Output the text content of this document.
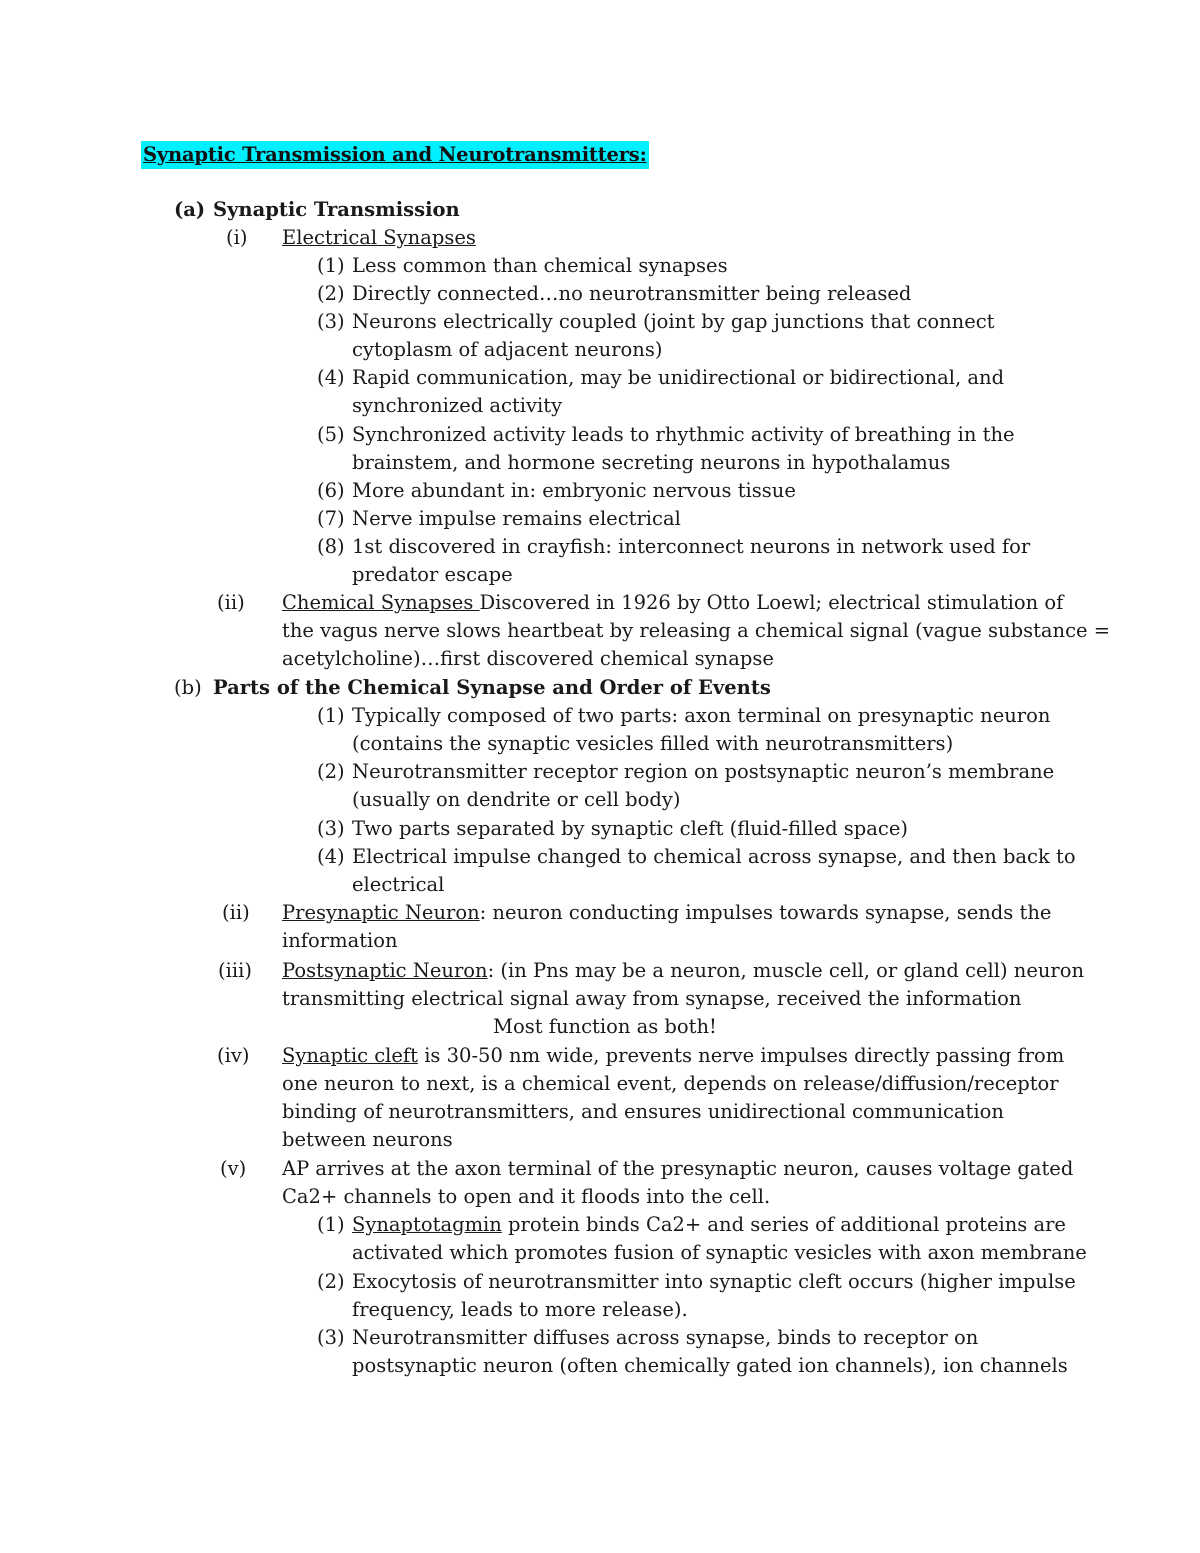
Synaptic Transmission and Neurotransmitters:
(a) Synaptic Transmission
(i) Electrical Synapses
(1) Less common than chemical synapses
(2) Directly connected…no neurotransmitter being released
(3) Neurons electrically coupled (joint by gap junctions that connect
cytoplasm of adjacent neurons)
(4) Rapid communication, may be unidirectional or bidirectional, and
synchronized activity
(5) Synchronized activity leads to rhythmic activity of breathing in the
brainstem, and hormone secreting neurons in hypothalamus
(6) More abundant in: embryonic nervous tissue
(7) Nerve impulse remains electrical
(8) 1st discovered in crayfish: interconnect neurons in network used for
predator escape
(ii) Chemical Synapses Discovered in 1926 by Otto Loewl; electrical stimulation of
the vagus nerve slows heartbeat by releasing a chemical signal (vague substance =
acetylcholine)…first discovered chemical synapse
(b) Parts of the Chemical Synapse and Order of Events
(1) Typically composed of two parts: axon terminal on presynaptic neuron
(contains the synaptic vesicles filled with neurotransmitters)
(2) Neurotransmitter receptor region on postsynaptic neuron’s membrane
(usually on dendrite or cell body)
(3) Two parts separated by synaptic cleft (fluid-filled space)
(4) Electrical impulse changed to chemical across synapse, and then back to
electrical
(ii) Presynaptic Neuron: neuron conducting impulses towards synapse, sends the
information
(iii) Postsynaptic Neuron: (in Pns may be a neuron, muscle cell, or gland cell) neuron
transmitting electrical signal away from synapse, received the information
Most function as both!
(iv) Synaptic cleft is 30-50 nm wide, prevents nerve impulses directly passing from
one neuron to next, is a chemical event, depends on release/diffusion/receptor
binding of neurotransmitters, and ensures unidirectional communication
between neurons
(v) AP arrives at the axon terminal of the presynaptic neuron, causes voltage gated
Ca2+ channels to open and it floods into the cell.
(1) Synaptotagmin protein binds Ca2+ and series of additional proteins are
activated which promotes fusion of synaptic vesicles with axon membrane
(2) Exocytosis of neurotransmitter into synaptic cleft occurs (higher impulse
frequency, leads to more release).
(3) Neurotransmitter diffuses across synapse, binds to receptor on
postsynaptic neuron (often chemically gated ion channels), ion channels
